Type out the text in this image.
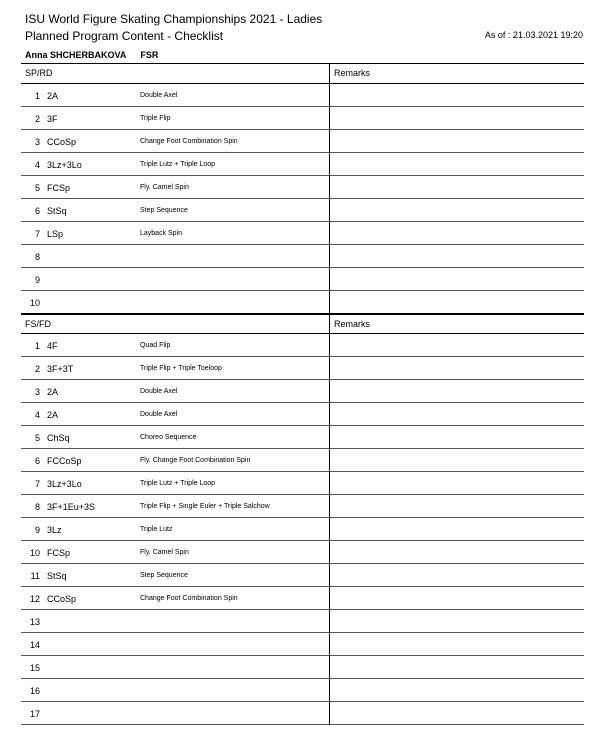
ISU World Figure Skating Championships 2021 - Ladies
Planned Program Content - Checklist	As of : 21.03.2021 19:20
Anna SHCHERBAKOVA FSR
SP/RD	Remarks
1 2A	Double Axel
2 3F	Triple Flip
3 CCoSp	Change Foot Combination Spin
4 3Lz+3Lo	Triple Lutz + Triple Loop
5 FCSp	Fly. Camel Spin
6 StSq	Step Sequence
7 LSp	Layback Spin
8
9
10
FS/FD	Remarks
1 4F	Quad Flip
2 3F+3T	Triple Flip + Triple Toeloop
3 2A	Double Axel
4 2A	Double Axel
5 ChSq	Choreo Sequence
6 FCCoSp	Fly. Change Foot Combination Spin
7 3Lz+3Lo	Triple Lutz + Triple Loop
8 3F+1Eu+3S	Triple Flip + Single Euler + Triple Salchow
9 3Lz	Triple Lutz
10 FCSp	Fly. Camel Spin
11 StSq	Step Sequence
12 CCoSp	Change Foot Combination Spin
13
14
15
16
17
